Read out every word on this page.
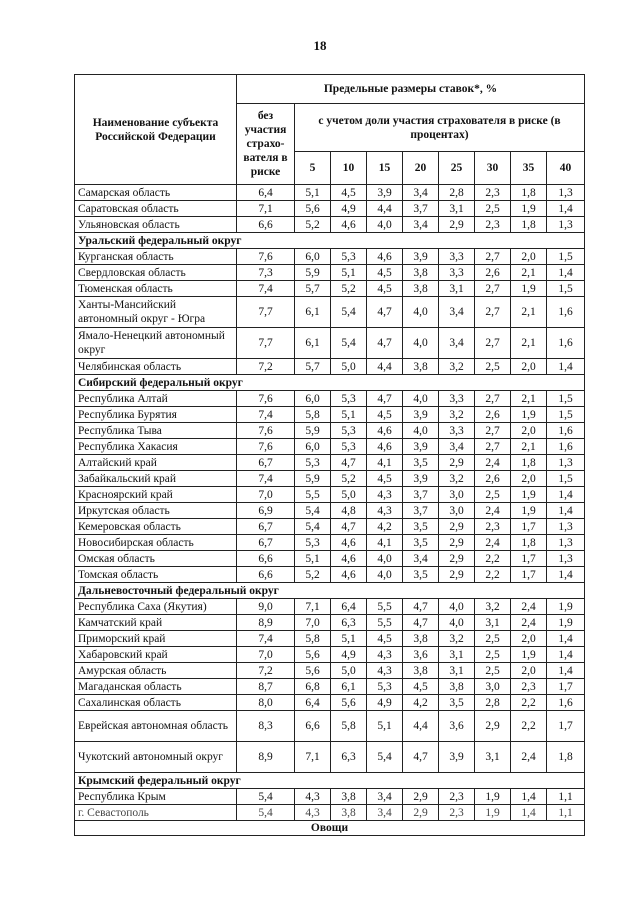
18
Наименование субъекта Российской Федерации	Предельные размеры ставок*, %								
	без участия страхо-вателя в риске	с учетом доли участия страхователя в риске (в процентах)							
		5	10	15	20	25	30	35	40
Самарская область	6,4	5,1	4,5	3,9	3,4	2,8	2,3	1,8	1,3
Саратовская область	7,1	5,6	4,9	4,4	3,7	3,1	2,5	1,9	1,4
Ульяновская область	6,6	5,2	4,6	4,0	3,4	2,9	2,3	1,8	1,3
Уральский федеральный округ									
Курганская область	7,6	6,0	5,3	4,6	3,9	3,3	2,7	2,0	1,5
Свердловская область	7,3	5,9	5,1	4,5	3,8	3,3	2,6	2,1	1,4
Тюменская область	7,4	5,7	5,2	4,5	3,8	3,1	2,7	1,9	1,5
Ханты-Мансийский автономный округ - Югра	7,7	6,1	5,4	4,7	4,0	3,4	2,7	2,1	1,6
Ямало-Ненецкий автономный округ	7,7	6,1	5,4	4,7	4,0	3,4	2,7	2,1	1,6
Челябинская область	7,2	5,7	5,0	4,4	3,8	3,2	2,5	2,0	1,4
Сибирский федеральный округ									
Республика Алтай	7,6	6,0	5,3	4,7	4,0	3,3	2,7	2,1	1,5
Республика Бурятия	7,4	5,8	5,1	4,5	3,9	3,2	2,6	1,9	1,5
Республика Тыва	7,6	5,9	5,3	4,6	4,0	3,3	2,7	2,0	1,6
Республика Хакасия	7,6	6,0	5,3	4,6	3,9	3,4	2,7	2,1	1,6
Алтайский край	6,7	5,3	4,7	4,1	3,5	2,9	2,4	1,8	1,3
Забайкальский край	7,4	5,9	5,2	4,5	3,9	3,2	2,6	2,0	1,5
Красноярский край	7,0	5,5	5,0	4,3	3,7	3,0	2,5	1,9	1,4
Иркутская область	6,9	5,4	4,8	4,3	3,7	3,0	2,4	1,9	1,4
Кемеровская область	6,7	5,4	4,7	4,2	3,5	2,9	2,3	1,7	1,3
Новосибирская область	6,7	5,3	4,6	4,1	3,5	2,9	2,4	1,8	1,3
Омская область	6,6	5,1	4,6	4,0	3,4	2,9	2,2	1,7	1,3
Томская область	6,6	5,2	4,6	4,0	3,5	2,9	2,2	1,7	1,4
Дальневосточный федеральный округ									
Республика Саха (Якутия)	9,0	7,1	6,4	5,5	4,7	4,0	3,2	2,4	1,9
Камчатский край	8,9	7,0	6,3	5,5	4,7	4,0	3,1	2,4	1,9
Приморский край	7,4	5,8	5,1	4,5	3,8	3,2	2,5	2,0	1,4
Хабаровский край	7,0	5,6	4,9	4,3	3,6	3,1	2,5	1,9	1,4
Амурская область	7,2	5,6	5,0	4,3	3,8	3,1	2,5	2,0	1,4
Магаданская область	8,7	6,8	6,1	5,3	4,5	3,8	3,0	2,3	1,7
Сахалинская область	8,0	6,4	5,6	4,9	4,2	3,5	2,8	2,2	1,6
Еврейская автономная область	8,3	6,6	5,8	5,1	4,4	3,6	2,9	2,2	1,7
Чукотский автономный округ	8,9	7,1	6,3	5,4	4,7	3,9	3,1	2,4	1,8
Крымский федеральный округ									
Республика Крым	5,4	4,3	3,8	3,4	2,9	2,3	1,9	1,4	1,1
г. Севастополь	5,4	4,3	3,8	3,4	2,9	2,3	1,9	1,4	1,1
Овощи									
